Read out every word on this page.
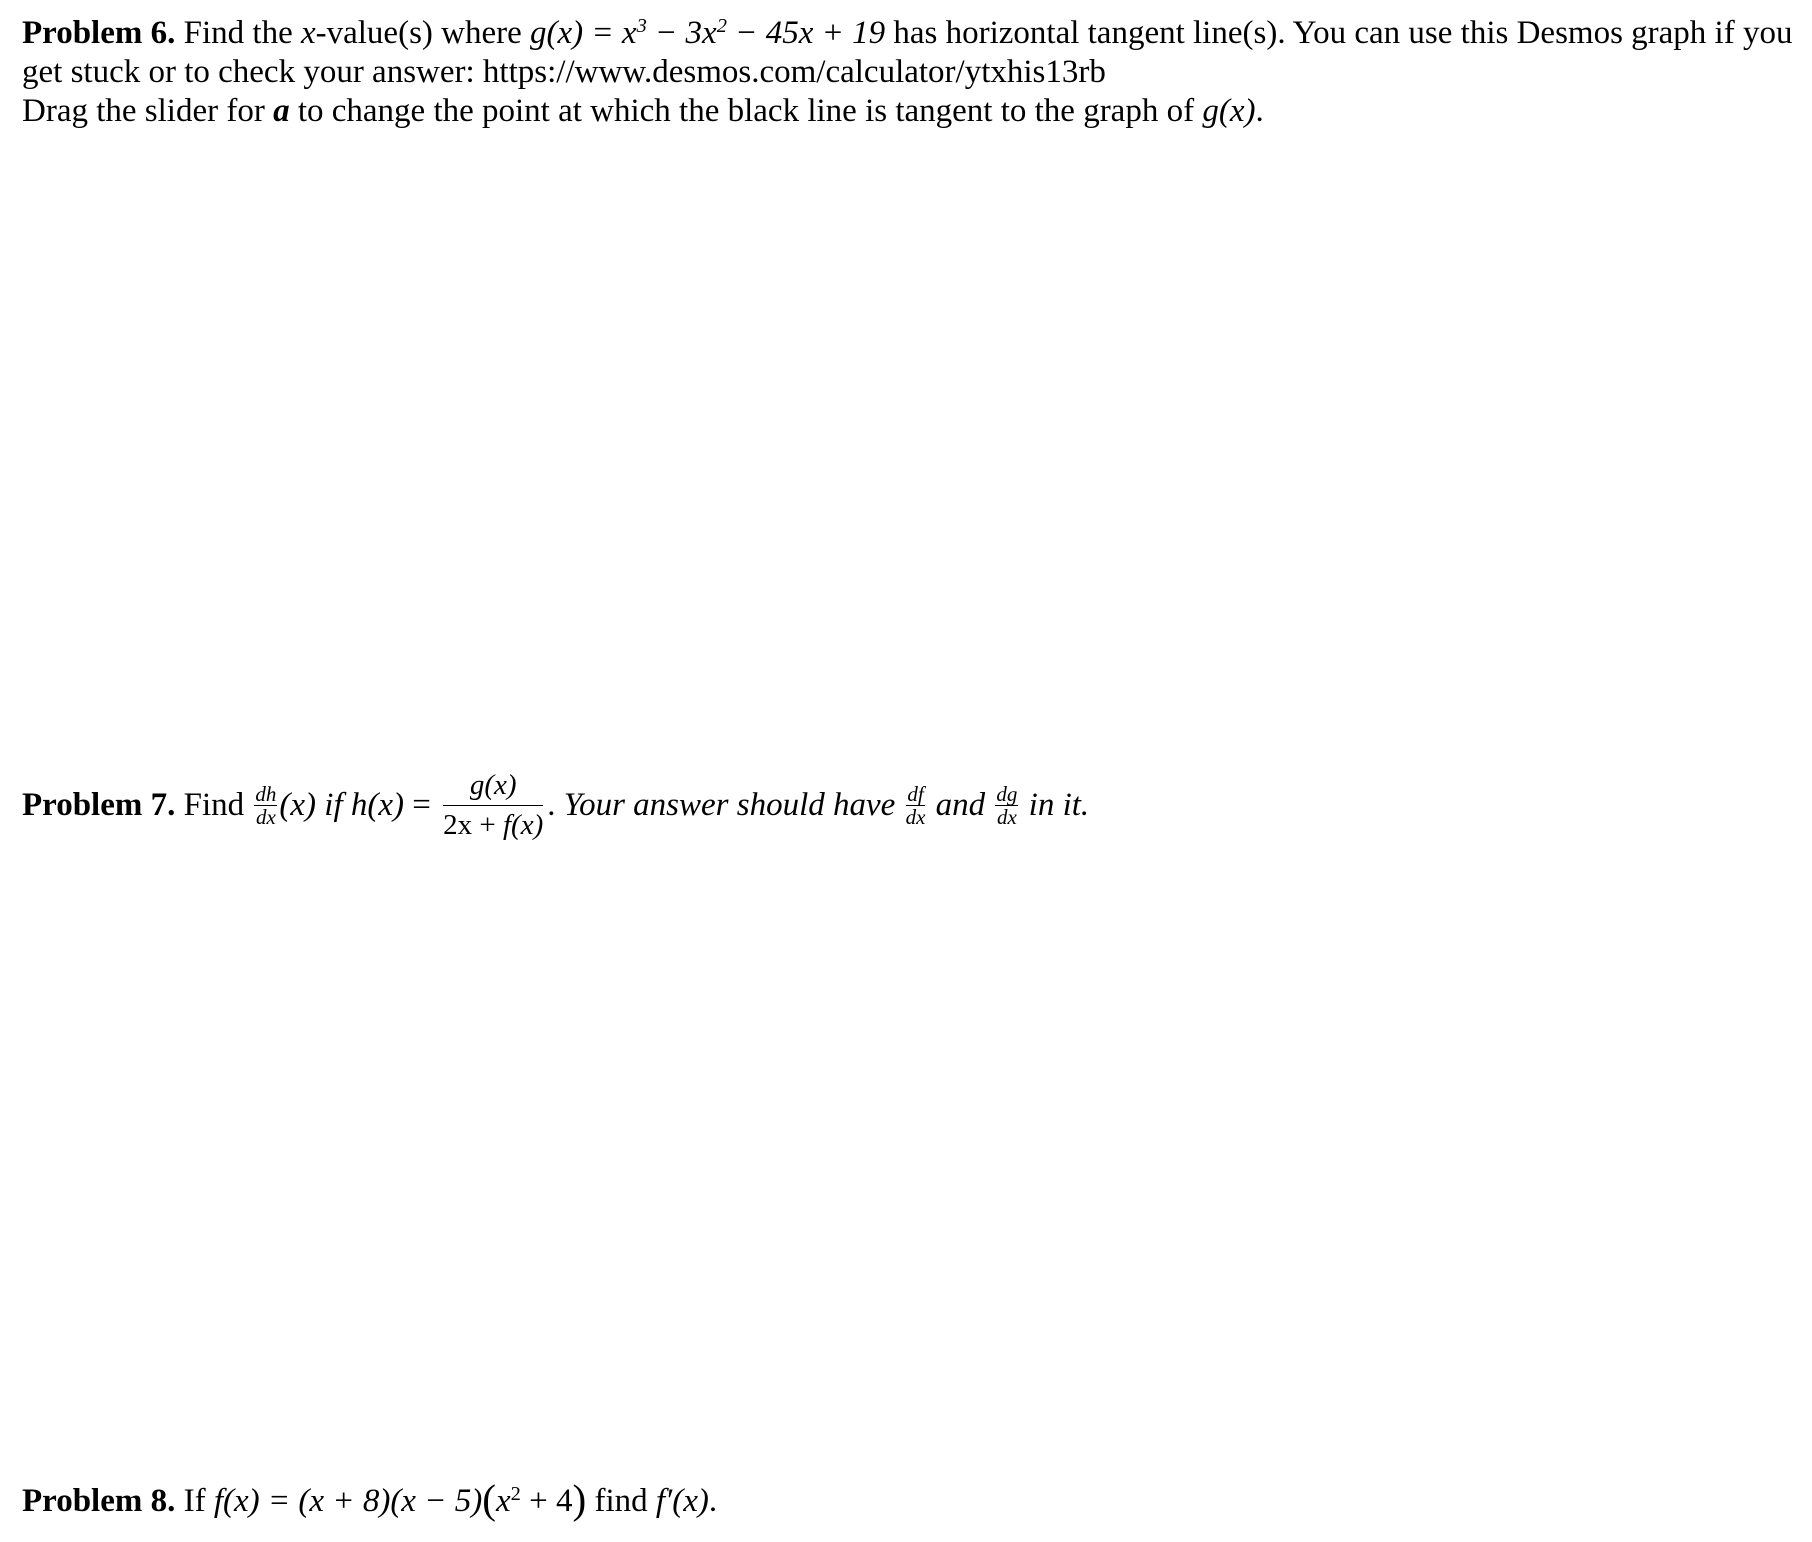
Problem 6. Find the x-value(s) where $g(x) = x^3 - 3x^2 - 45x + 19$ has horizontal tangent line(s). You can use this Desmos graph if you
get stuck or to check your answer: https://www.desmos.com/calculator/ytxhis13rb
Drag the slider for a to change the point at which the black line is tangent to the graph of g(x).
Problem 7. Find $\frac{dh}{dx} (x)$ if $h(x) = \frac{g(x)}{2x + f(x)}$ . Your answer should have $\frac{df}{dx}$ and $\frac{dg}{dx}$ in it.
Problem 8. If $f(x) = (x + 8)(x - 5)(x^2 + 4)$ find f′(x).
